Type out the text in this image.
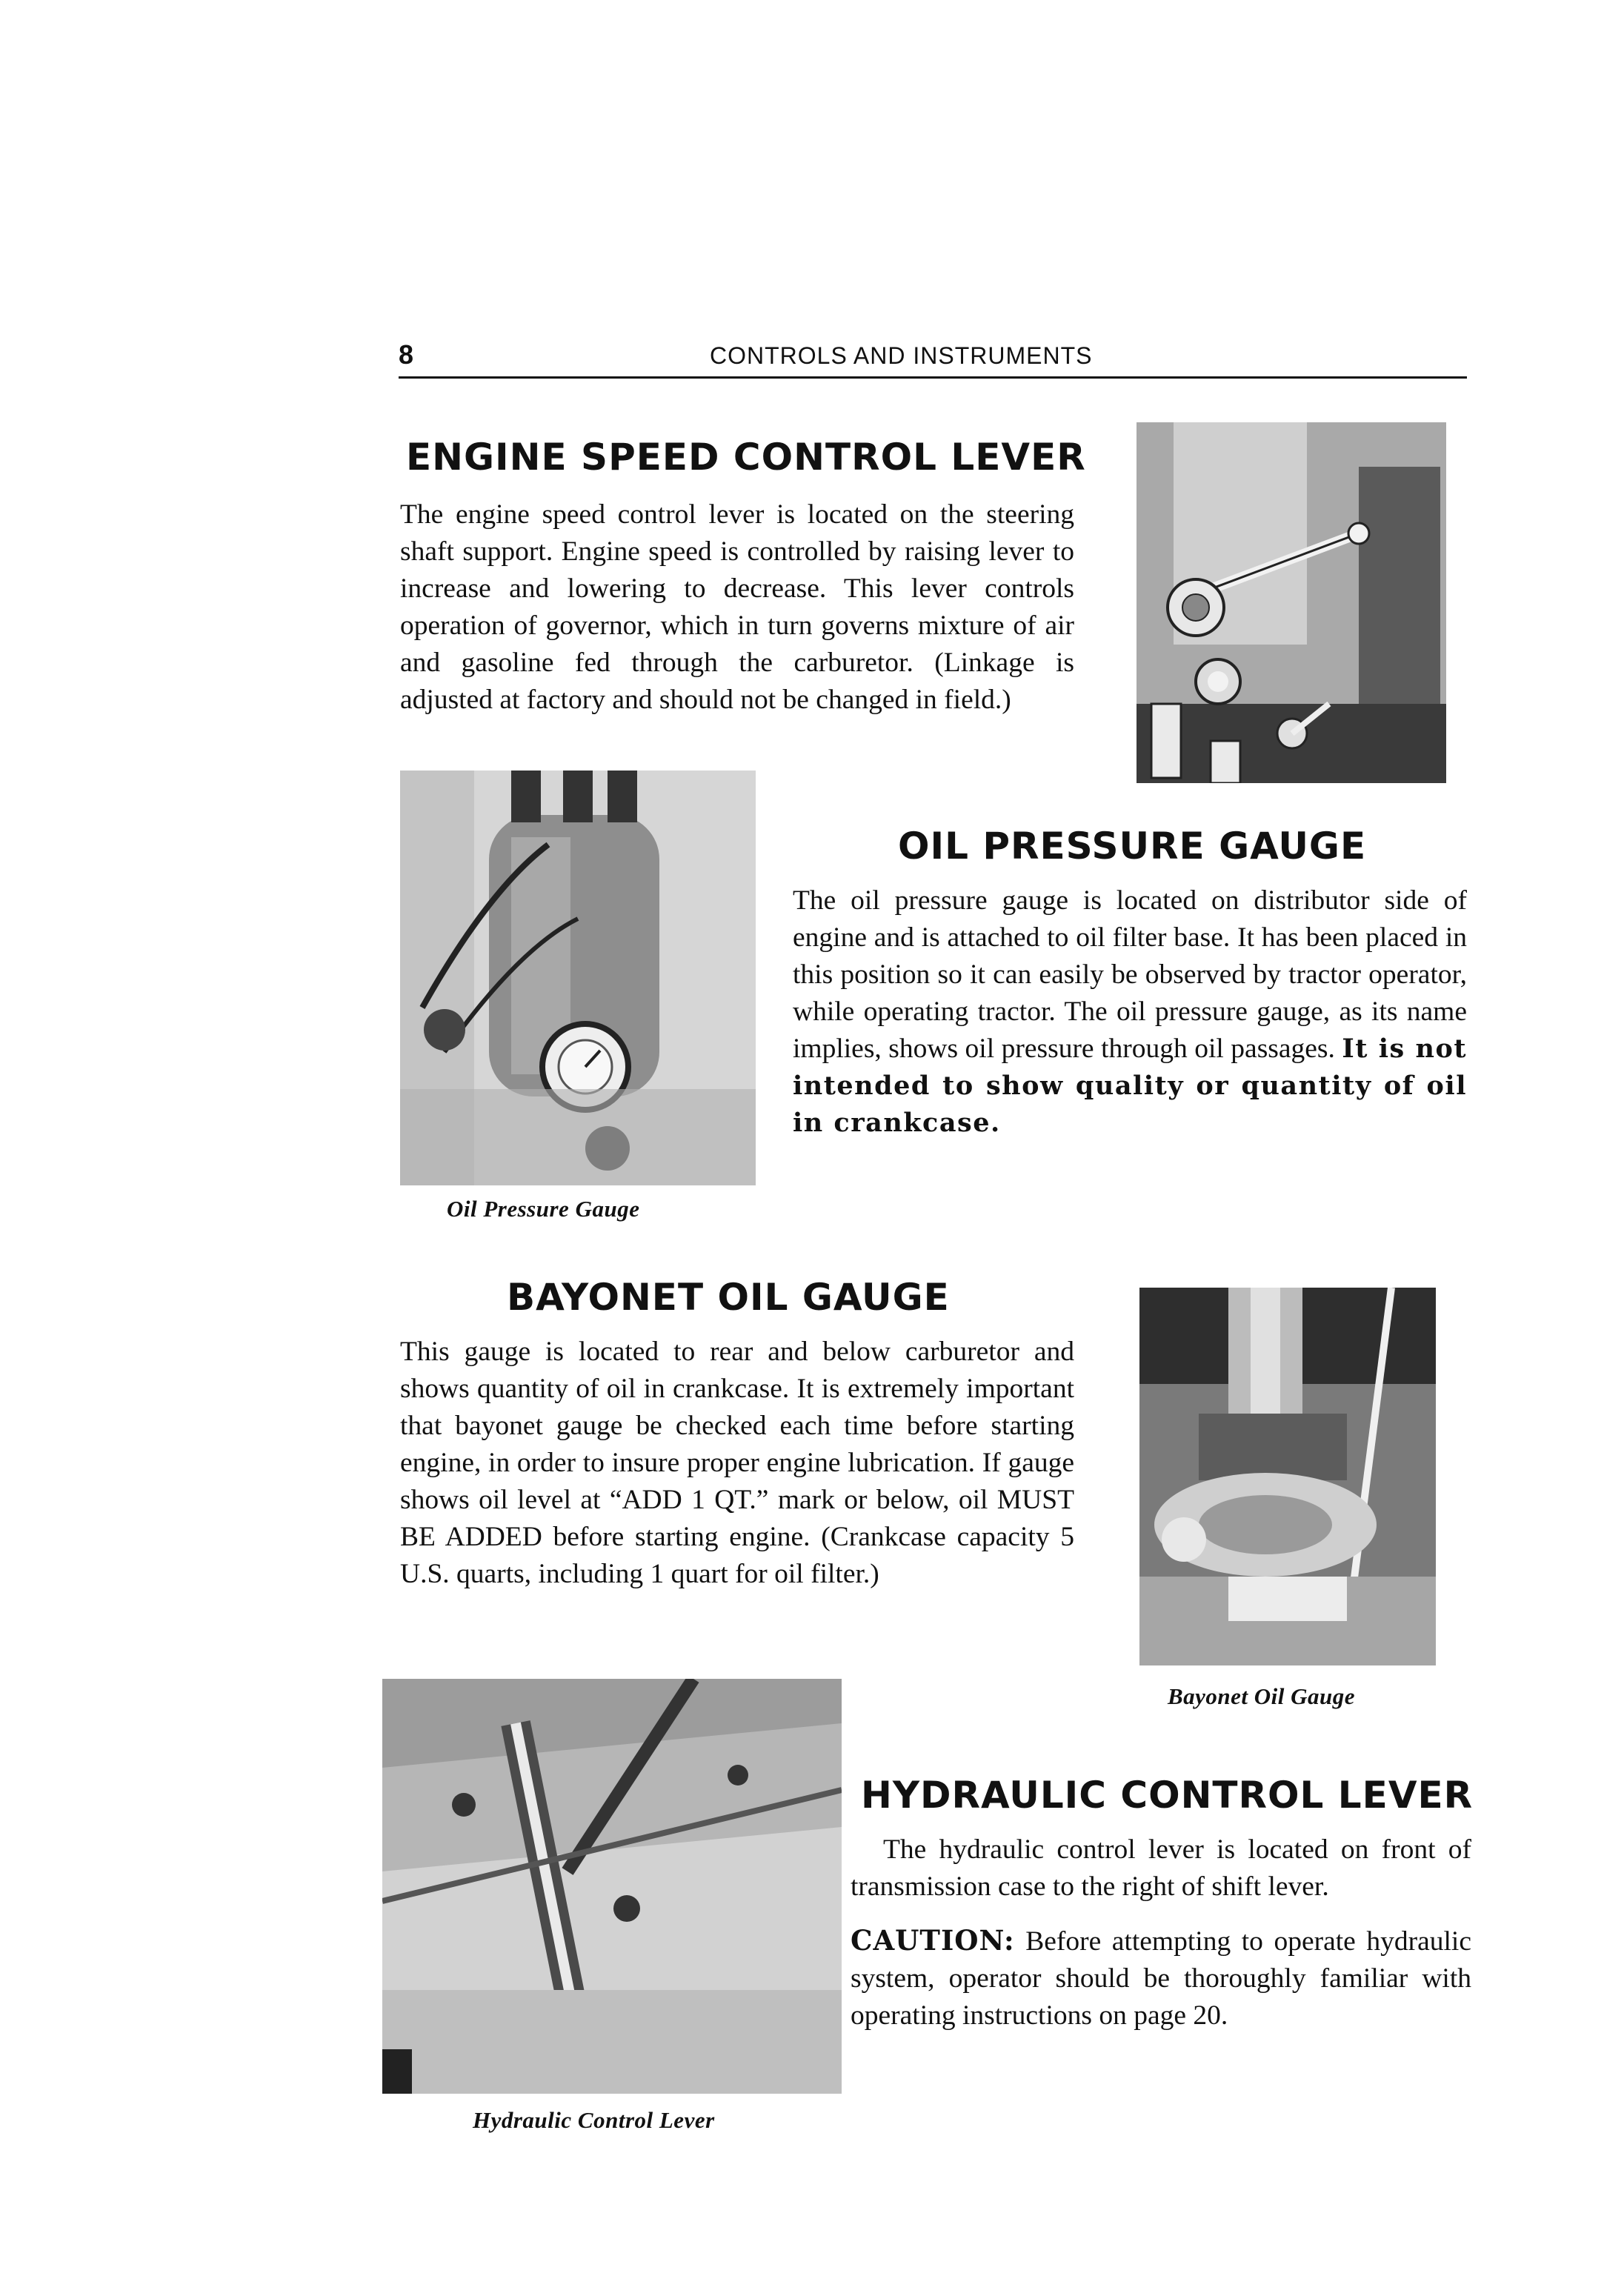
8	CONTROLS AND INSTRUMENTS
ENGINE SPEED CONTROL LEVER
The engine speed control lever is located on the steering shaft support. Engine speed is controlled by raising lever to increase and lowering to decrease. This lever controls operation of governor, which in turn governs mixture of air and gasoline fed through the carburetor. (Linkage is adjusted at factory and should not be changed in field.)
Oil Pressure Gauge
OIL PRESSURE GAUGE
The oil pressure gauge is located on distributor side of engine and is attached to oil filter base. It has been placed in this position so it can easily be observed by tractor operator, while operating tractor. The oil pressure gauge, as its name implies, shows oil pressure through oil passages. It is not intended to show quality or quantity of oil in crankcase.
BAYONET OIL GAUGE
This gauge is located to rear and below carburetor and shows quantity of oil in crankcase. It is extremely important that bayonet gauge be checked each time before starting engine, in order to insure proper engine lubrication. If gauge shows oil level at “ADD 1 QT.” mark or below, oil MUST BE ADDED before starting engine. (Crankcase capacity 5 U.S. quarts, including 1 quart for oil filter.)
Bayonet Oil Gauge
Hydraulic Control Lever
HYDRAULIC CONTROL LEVER

The hydraulic control lever is located on front of transmission case to the right of shift lever.

CAUTION: Before attempting to operate hydraulic system, operator should be thoroughly familiar with operating instructions on page 20.
